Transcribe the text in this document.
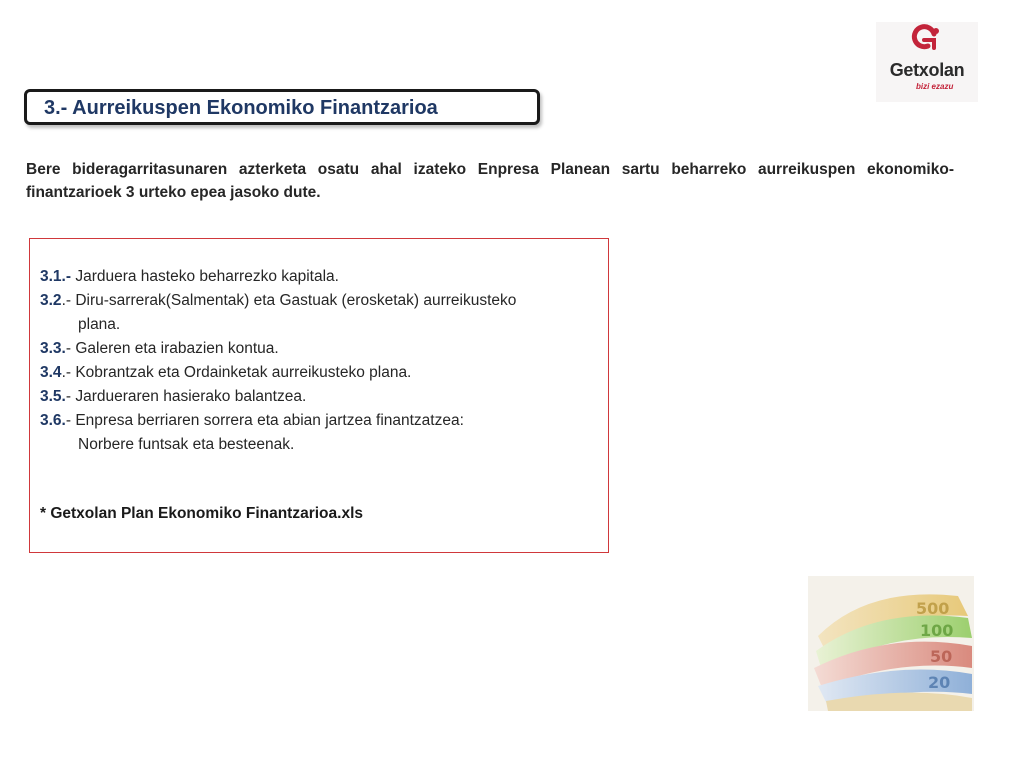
Getxolan
bizi ezazu
3.- Aurreikuspen Ekonomiko Finantzarioa
Bere bideragarritasunaren azterketa osatu ahal izateko Enpresa Planean sartu beharreko aurreikuspen ekonomiko-finantzarioek 3 urteko epea jasoko dute.
3.1.- Jarduera hasteko beharrezko kapitala.
3.2.- Diru-sarrerak(Salmentak) eta Gastuak (erosketak) aurreikusteko
plana.
3.3.- Galeren eta irabazien kontua.
3.4.- Kobrantzak eta Ordainketak aurreikusteko plana.
3.5.- Jardueraren hasierako balantzea.
3.6.- Enpresa berriaren sorrera eta abian jartzea finantzatzea:
Norbere funtsak eta besteenak.
* Getxolan Plan Ekonomiko Finantzarioa.xls
500
100
50
20
